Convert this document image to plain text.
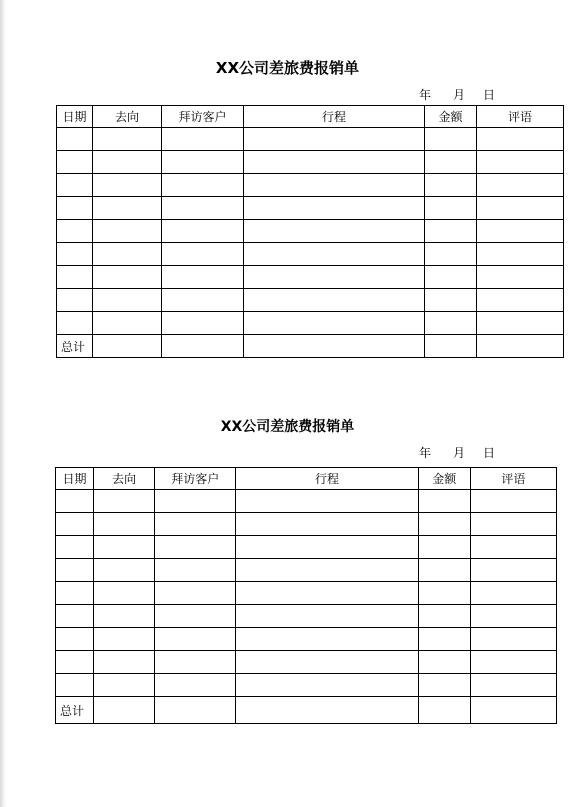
XX公司差旅费报销单
年 月 日
日期	去向	拜访客户	行程	金额	评语

总计					
XX公司差旅费报销单
年 月 日
日期	去向	拜访客户	行程	金额	评语

总计					
